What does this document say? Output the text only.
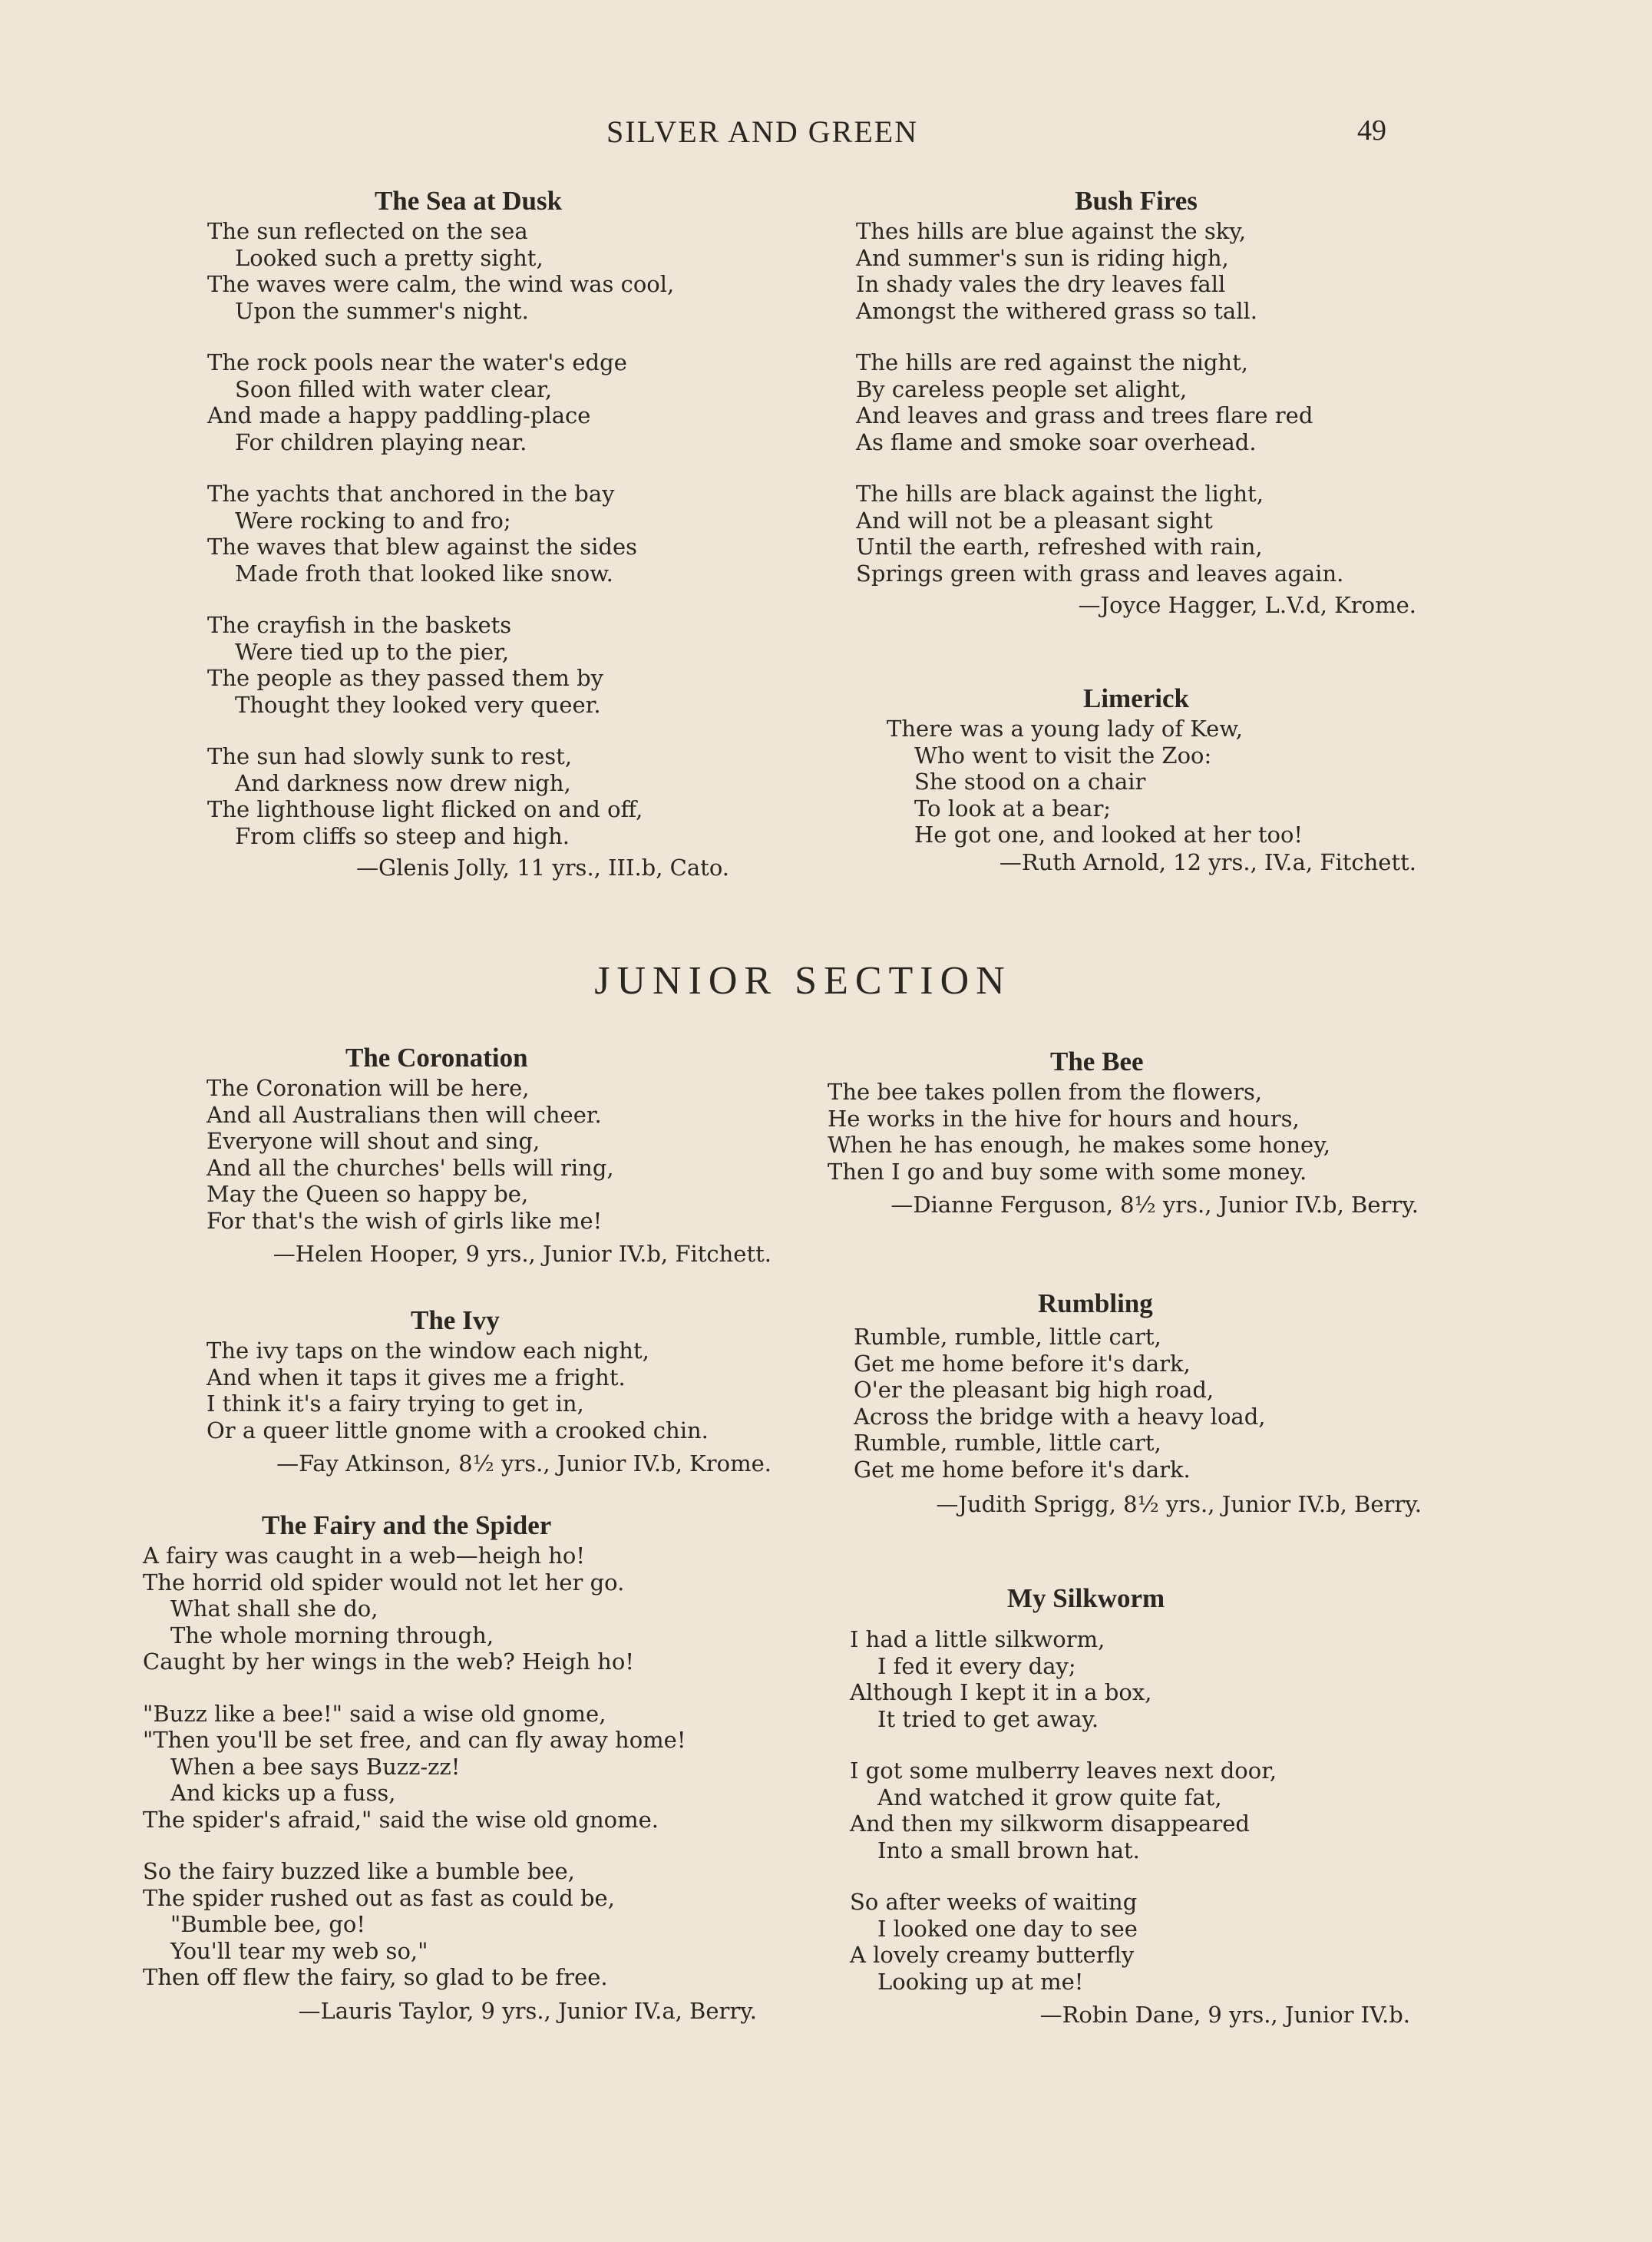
SILVER AND GREEN	49
The Sea at Dusk
The sun reflected on the sea
Looked such a pretty sight,
The waves were calm, the wind was cool,
Upon the summer's night.
The rock pools near the water's edge
Soon filled with water clear,
And made a happy paddling-place
For children playing near.
The yachts that anchored in the bay
Were rocking to and fro;
The waves that blew against the sides
Made froth that looked like snow.
The crayfish in the baskets
Were tied up to the pier,
The people as they passed them by
Thought they looked very queer.
The sun had slowly sunk to rest,
And darkness now drew nigh,
The lighthouse light flicked on and off,
From cliffs so steep and high.
—Glenis Jolly, 11 yrs., III.b, Cato.
Bush Fires
Thes hills are blue against the sky,
And summer's sun is riding high,
In shady vales the dry leaves fall
Amongst the withered grass so tall.
The hills are red against the night,
By careless people set alight,
And leaves and grass and trees flare red
As flame and smoke soar overhead.
The hills are black against the light,
And will not be a pleasant sight
Until the earth, refreshed with rain,
Springs green with grass and leaves again.
—Joyce Hagger, L.V.d, Krome.
Limerick
There was a young lady of Kew,
Who went to visit the Zoo:
She stood on a chair
To look at a bear;
He got one, and looked at her too!
—Ruth Arnold, 12 yrs., IV.a, Fitchett.
JUNIOR SECTION
The Coronation
The Coronation will be here,
And all Australians then will cheer.
Everyone will shout and sing,
And all the churches' bells will ring,
May the Queen so happy be,
For that's the wish of girls like me!
—Helen Hooper, 9 yrs., Junior IV.b, Fitchett.
The Ivy
The ivy taps on the window each night,
And when it taps it gives me a fright.
I think it's a fairy trying to get in,
Or a queer little gnome with a crooked chin.
—Fay Atkinson, 8½ yrs., Junior IV.b, Krome.
The Fairy and the Spider
A fairy was caught in a web—heigh ho!
The horrid old spider would not let her go.
What shall she do,
The whole morning through,
Caught by her wings in the web? Heigh ho!
"Buzz like a bee!" said a wise old gnome,
"Then you'll be set free, and can fly away home!
When a bee says Buzz-zz!
And kicks up a fuss,
The spider's afraid," said the wise old gnome.
So the fairy buzzed like a bumble bee,
The spider rushed out as fast as could be,
"Bumble bee, go!
You'll tear my web so,"
Then off flew the fairy, so glad to be free.
—Lauris Taylor, 9 yrs., Junior IV.a, Berry.
The Bee
The bee takes pollen from the flowers,
He works in the hive for hours and hours,
When he has enough, he makes some honey,
Then I go and buy some with some money.
—Dianne Ferguson, 8½ yrs., Junior IV.b, Berry.
Rumbling
Rumble, rumble, little cart,
Get me home before it's dark,
O'er the pleasant big high road,
Across the bridge with a heavy load,
Rumble, rumble, little cart,
Get me home before it's dark.
—Judith Sprigg, 8½ yrs., Junior IV.b, Berry.
My Silkworm
I had a little silkworm,
I fed it every day;
Although I kept it in a box,
It tried to get away.
I got some mulberry leaves next door,
And watched it grow quite fat,
And then my silkworm disappeared
Into a small brown hat.
So after weeks of waiting
I looked one day to see
A lovely creamy butterfly
Looking up at me!
—Robin Dane, 9 yrs., Junior IV.b.
